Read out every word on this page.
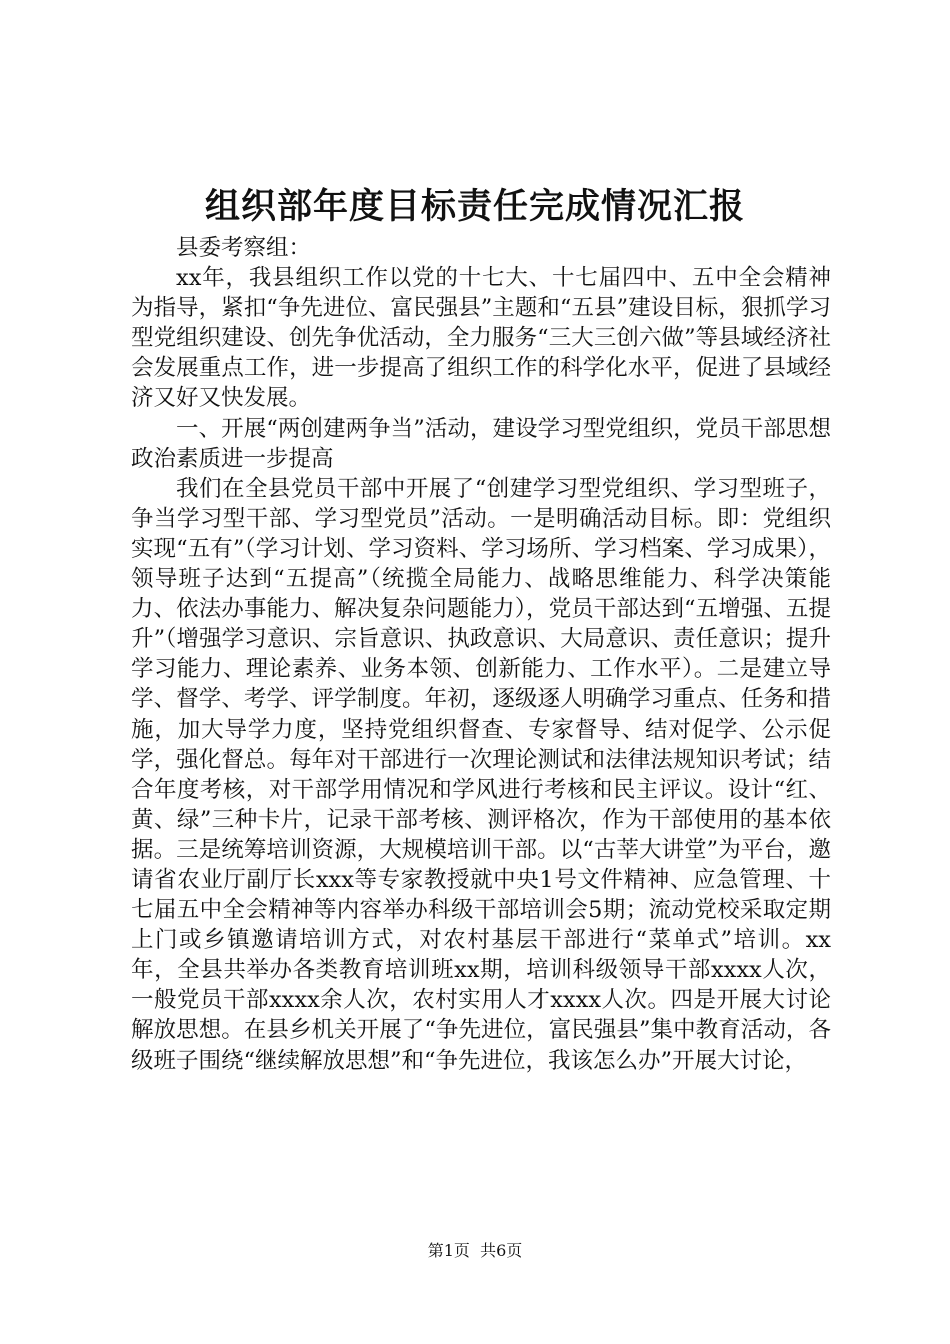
组织部年度目标责任完成情况汇报

县委考察组：

xx年，我县组织工作以党的十七大、十七届四中、五中全会精神为指导，紧扣“争先进位、富民强县”主题和“五县”建设目标，狠抓学习型党组织建设、创先争优活动，全力服务“三大三创六做”等县域经济社会发展重点工作，进一步提高了组织工作的科学化水平，促进了县域经济又好又快发展。

一、开展“两创建两争当”活动，建设学习型党组织，党员干部思想政治素质进一步提高

我们在全县党员干部中开展了“创建学习型党组织、学习型班子，争当学习型干部、学习型党员”活动。一是明确活动目标。即：党组织实现“五有”（学习计划、学习资料、学习场所、学习档案、学习成果），领导班子达到“五提高”（统揽全局能力、战略思维能力、科学决策能力、依法办事能力、解决复杂问题能力），党员干部达到“五增强、五提升”（增强学习意识、宗旨意识、执政意识、大局意识、责任意识；提升学习能力、理论素养、业务本领、创新能力、工作水平）。二是建立导学、督学、考学、评学制度。年初，逐级逐人明确学习重点、任务和措施，加大导学力度，坚持党组织督查、专家督导、结对促学、公示促学，强化督总。每年对干部进行一次理论测试和法律法规知识考试；结合年度考核，对干部学用情况和学风进行考核和民主评议。设计“红、黄、绿”三种卡片，记录干部考核、测评格次，作为干部使用的基本依据。三是统筹培训资源，大规模培训干部。以“古莘大讲堂”为平台，邀请省农业厅副厅长xxx等专家教授就中央1号文件精神、应急管理、十七届五中全会精神等内容举办科级干部培训会5期；流动党校采取定期上门或乡镇邀请培训方式，对农村基层干部进行“菜单式”培训。xx年，全县共举办各类教育培训班xx期，培训科级领导干部xxxx人次，一般党员干部xxxx余人次，农村实用人才xxxx人次。四是开展大讨论解放思想。在县乡机关开展了“争先进位，富民强县”集中教育活动，各级班子围绕“继续解放思想”和“争先进位，我该怎么办”开展大讨论，

第1页 共6页
